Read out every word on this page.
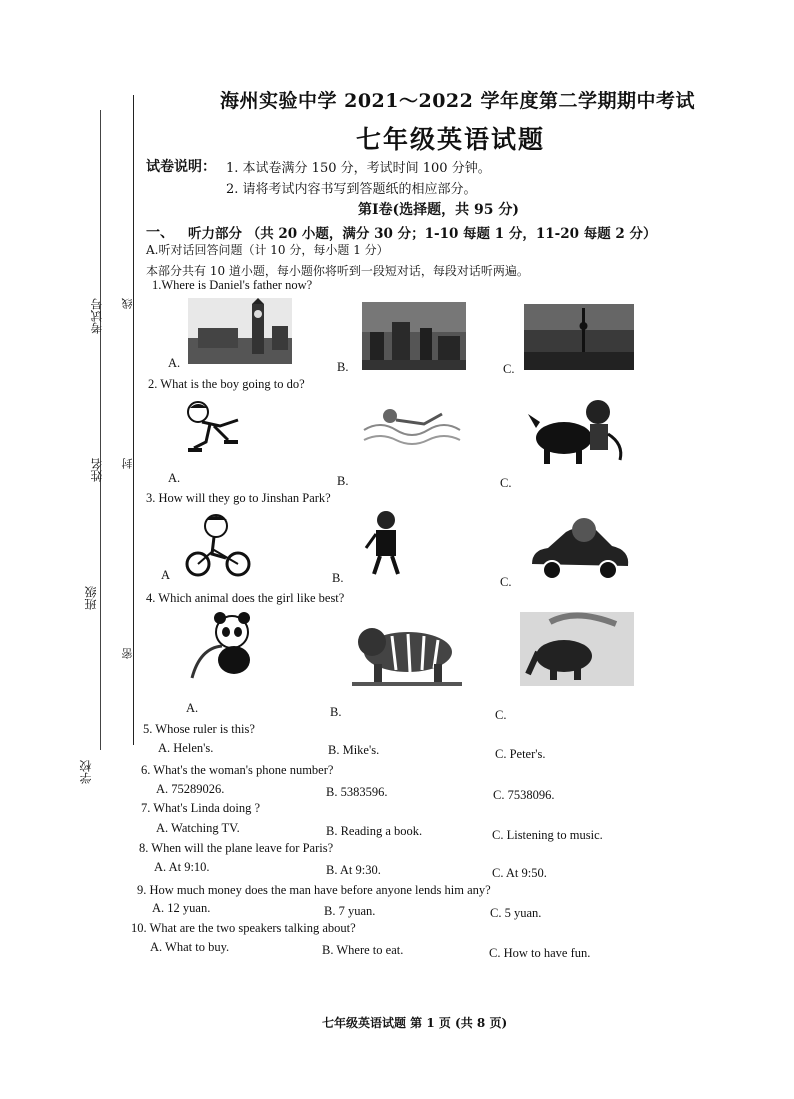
考试号
姓名
班级
学校
线
封
密
海州实验中学 2021～2022 学年度第二学期期中考试
七年级英语试题
试卷说明： 1. 本试卷满分 150 分，考试时间 100 分钟。
2. 请将考试内容书写到答题纸的相应部分。
第Ⅰ卷(选择题，共 95 分)
一、 听力部分 （共 20 小题，满分 30 分；1-10 每题 1 分，11-20 每题 2 分）
A.听对话回答问题（计 10 分，每小题 1 分）
本部分共有 10 道小题，每小题你将听到一段短对话，每段对话听两遍。
1.Where is Daniel's father now?
A.	B.	C.
2. What is the boy going to do?
A.	B.	C.
3. How will they go to Jinshan Park?
A	B.	C.
4. Which animal does the girl like best?
A.	B.	C.
5. Whose ruler is this?
A. Helen's.	B. Mike's.	C. Peter's.
6. What's the woman's phone number?
A. 75289026.	B. 5383596.	C. 7538096.
7. What's Linda doing ?
A. Watching TV.	B. Reading a book.	C. Listening to music.
8. When will the plane leave for Paris?
A. At 9:10.	B. At 9:30.	C. At 9:50.
9. How much money does the man have before anyone lends him any?
A. 12 yuan.	B. 7 yuan.	C. 5 yuan.
10. What are the two speakers talking about?
A. What to buy.	B. Where to eat.	C. How to have fun.
七年级英语试题 第 1 页 (共 8 页)
